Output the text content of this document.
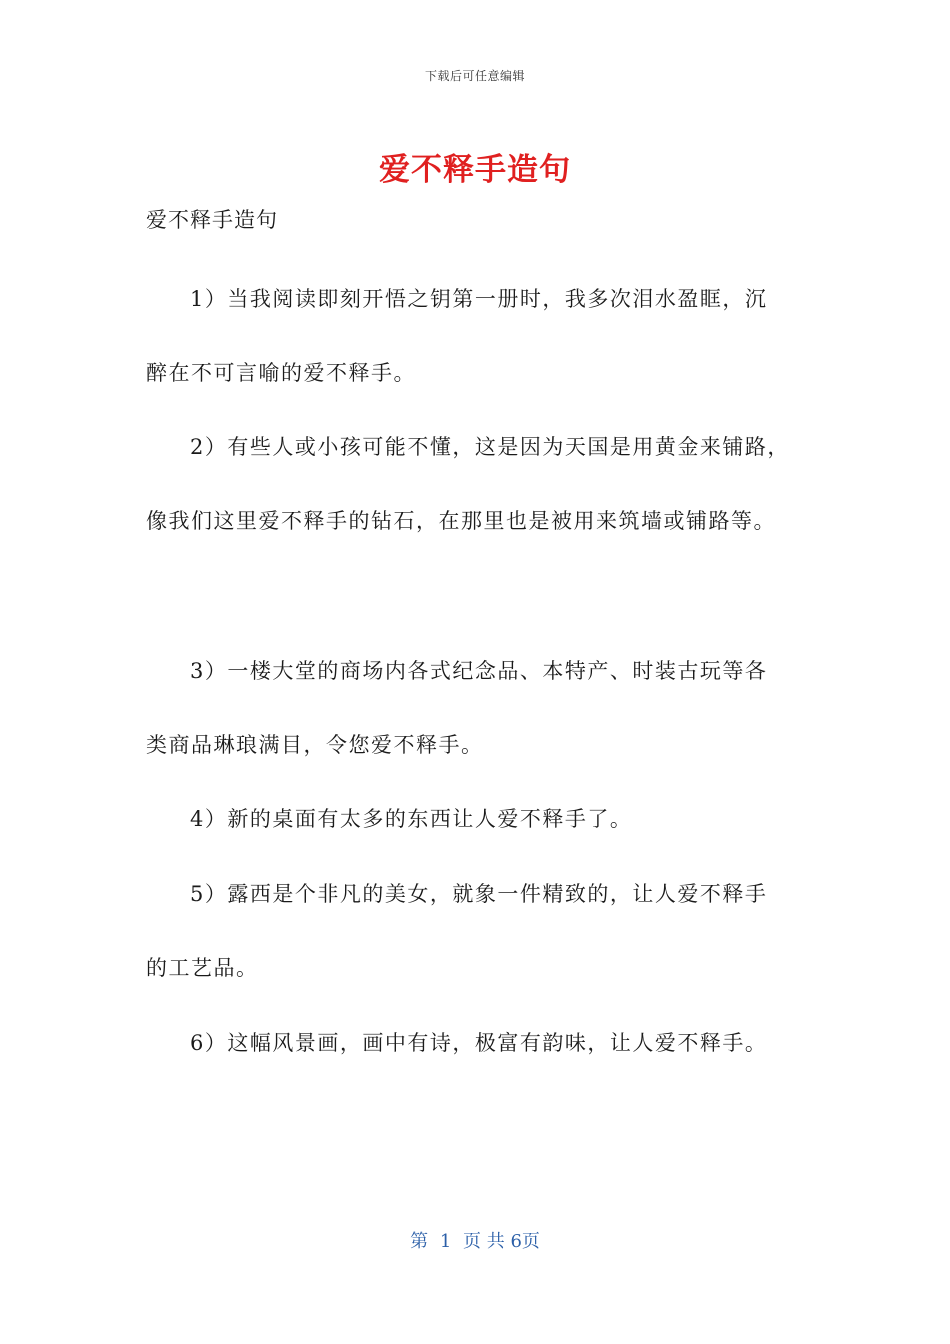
下载后可任意编辑
爱不释手造句
爱不释手造句
1）当我阅读即刻开悟之钥第一册时，我多次泪水盈眶，沉
醉在不可言喻的爱不释手。
2）有些人或小孩可能不懂，这是因为天国是用黄金来铺路，
像我们这里爱不释手的钻石，在那里也是被用来筑墙或铺路等。
3）一楼大堂的商场内各式纪念品、本特产、时装古玩等各
类商品琳琅满目，令您爱不释手。
4）新的桌面有太多的东西让人爱不释手了。
5）露西是个非凡的美女，就象一件精致的，让人爱不释手
的工艺品。
6）这幅风景画，画中有诗，极富有韵味，让人爱不释手。
第 1 页 共 6页
